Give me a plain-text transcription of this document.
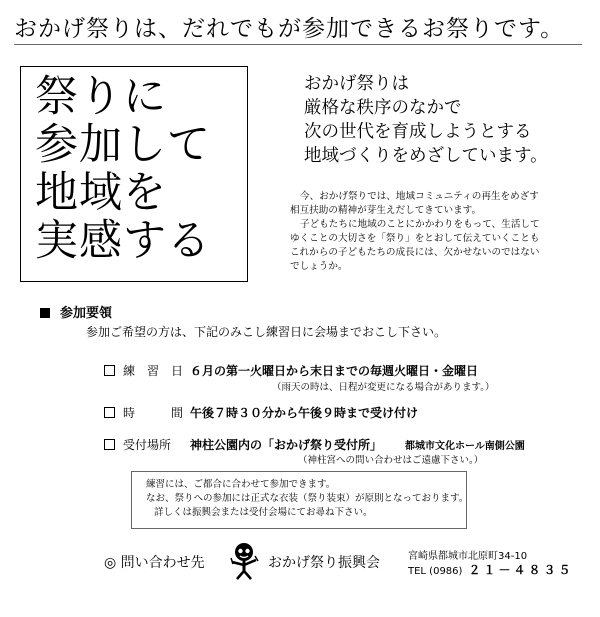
おかげ祭りは、だれでもが参加できるお祭りです。
祭りに
参加して
地域を
実感する
おかげ祭りは
厳格な秩序のなかで
次の世代を育成しようとする
地域づくりをめざしています。
今、おかげ祭りでは、地域コミュニティの再生をめざす
相互扶助の精神が芽生えだしてきています。
子どもたちに地域のことにかかわりをもって、生活して
ゆくことの大切さを「祭り」をとおして伝えていくことも
これからの子どもたちの成長には、欠かせないのではない
でしょうか。
参加要領
参加ご希望の方は、下記のみこし練習日に会場までおこし下さい。
練　習　日 ６月の第一火曜日から末日までの毎週火曜日・金曜日
（雨天の時は、日程が変更になる場合があります。）
時　　　間 午後７時３０分から午後９時まで受け付け
受付場所 神柱公園内の「おかげ祭り受付所」 都城市文化ホール南側公園
（神柱宮への問い合わせはご遠慮下さい。）
練習には、ご都合に合わせて参加できます。
なお、祭りへの参加には正式な衣装（祭り装束）が原則となっております。
詳しくは振興会または受付会場にてお尋ね下さい。
◎ 問い合わせ先	おかげ祭り振興会	宮崎県都城市北原町34-10
TEL (0986) ２１－４８３５
